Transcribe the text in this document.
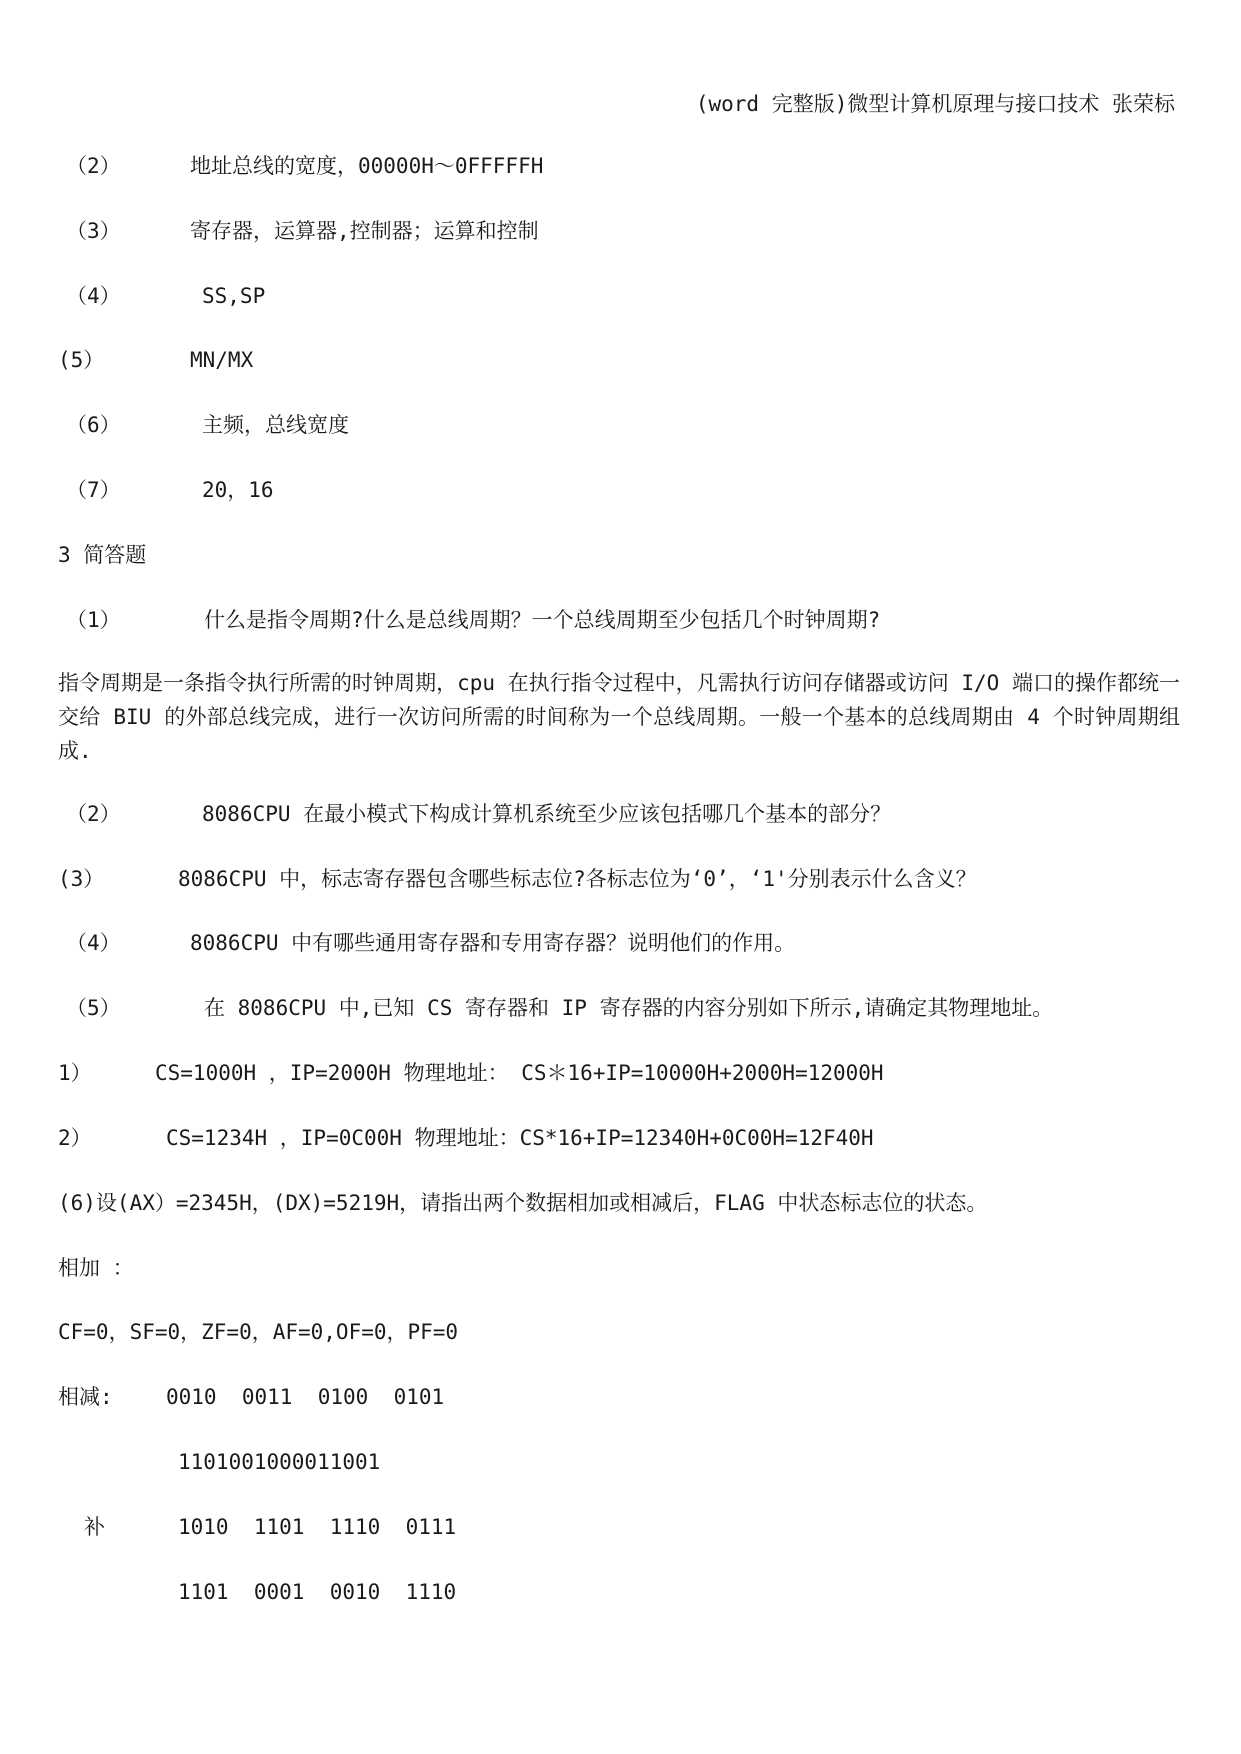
(word 完整版)微型计算机原理与接口技术 张荣标
（2）	地址总线的宽度，00000H～0FFFFFH
（3）	寄存器，运算器,控制器；运算和控制
（4）	SS,SP
(5）	MN/MX
（6）	主频，总线宽度
（7）	20，16
3 简答题
（1）	什么是指令周期?什么是总线周期？一个总线周期至少包括几个时钟周期?
指令周期是一条指令执行所需的时钟周期，cpu 在执行指令过程中，凡需执行访问存储器或访问 I/O 端口的操作都统一交给 BIU 的外部总线完成，进行一次访问所需的时间称为一个总线周期。一般一个基本的总线周期由 4 个时钟周期组成.
（2）	8086CPU 在最小模式下构成计算机系统至少应该包括哪几个基本的部分？
(3）	8086CPU 中，标志寄存器包含哪些标志位?各标志位为‘0’，‘1'分别表示什么含义？
（4）	8086CPU 中有哪些通用寄存器和专用寄存器？说明他们的作用。
（5）	在 8086CPU 中,已知 CS 寄存器和 IP 寄存器的内容分别如下所示,请确定其物理地址。
1）	CS=1000H ，IP=2000H 物理地址： CS＊16+IP=10000H+2000H=12000H
2）	CS=1234H ，IP=0C00H 物理地址：CS*16+IP=12340H+0C00H=12F40H
(6)设(AX）=2345H，(DX)=5219H，请指出两个数据相加或相减后，FLAG 中状态标志位的状态。
相加 ：
CF=0，SF=0，ZF=0，AF=0,OF=0，PF=0
相减:	0010  0011  0100  0101
1101001000011001
补	1010  1101  1110  0111
1101  0001  0010  1110
